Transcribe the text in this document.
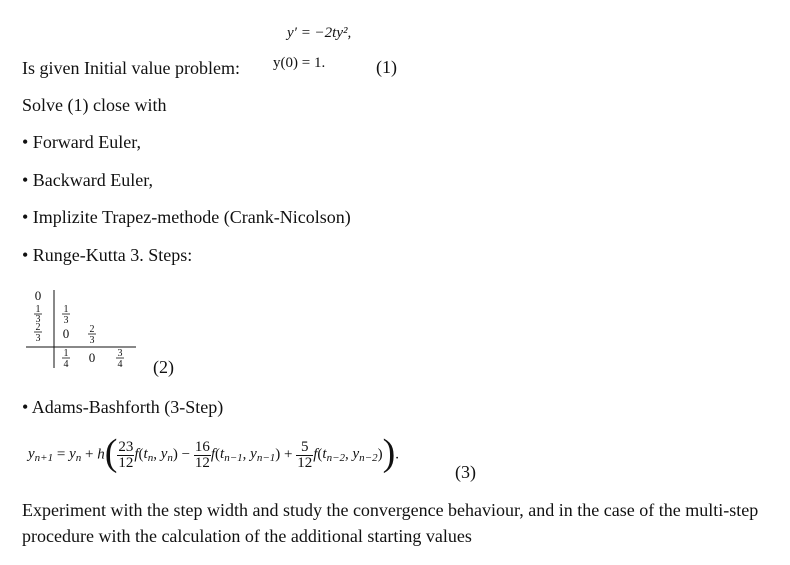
y′ = −2ty²,
Is given Initial value problem: y(0) = 1.	(1)
Solve (1) close with
• Forward Euler,
• Backward Euler,
• Implizite Trapez-methode (Crank-Nicolson)
• Runge-Kutta 3. Steps:
0
1
3
2
3
1
3
0 2
3
1
4 0 3
4 (2)
• Adams-Bashforth (3-Step)
$y_{n+1} = y_n + h( \frac{23}{12} f(t_n$, $y_n) - \frac{16}{12} f(t_{n-1}$, $y_{n-1}) + \frac{5}{12} f(t_{n-2}$, $y_{n-2}$)).
(3)
Experiment with the step width and study the convergence behaviour, and in the case of the multi-step procedure with the calculation of the additional starting values
